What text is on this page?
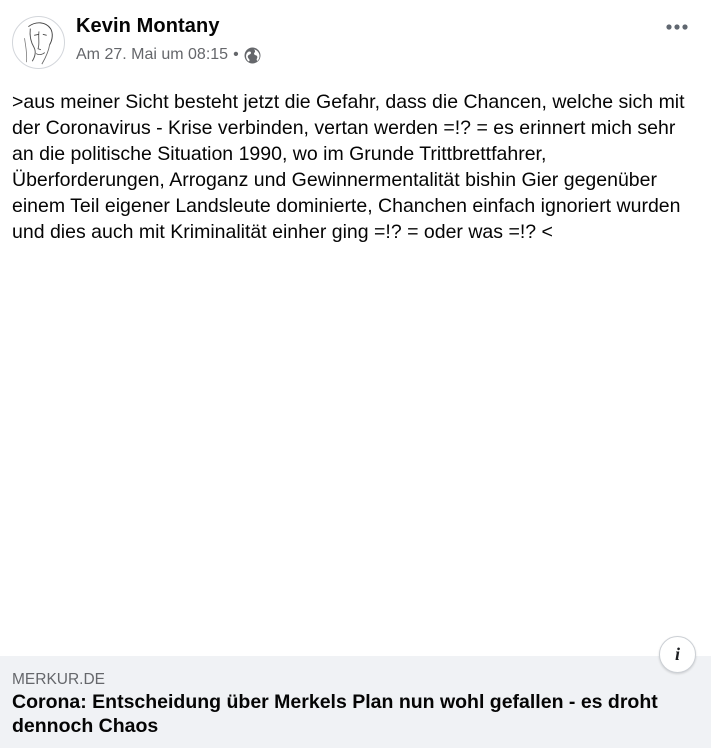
Kevin Montany
Am 27. Mai um 08:15 •
>aus meiner Sicht besteht jetzt die Gefahr, dass die Chancen, welche sich mit der Coronavirus - Krise verbinden, vertan werden =!? = es erinnert mich sehr an die politische Situation 1990, wo im Grunde Trittbrettfahrer, Überforderungen, Arroganz und Gewinnermentalität bishin Gier gegenüber einem Teil eigener Landsleute dominierte, Chanchen einfach ignoriert wurden und dies auch mit Kriminalität einher ging =!? = oder was =!? <
i
MERKUR.DE
Corona: Entscheidung über Merkels Plan nun wohl gefallen - es droht dennoch Chaos
